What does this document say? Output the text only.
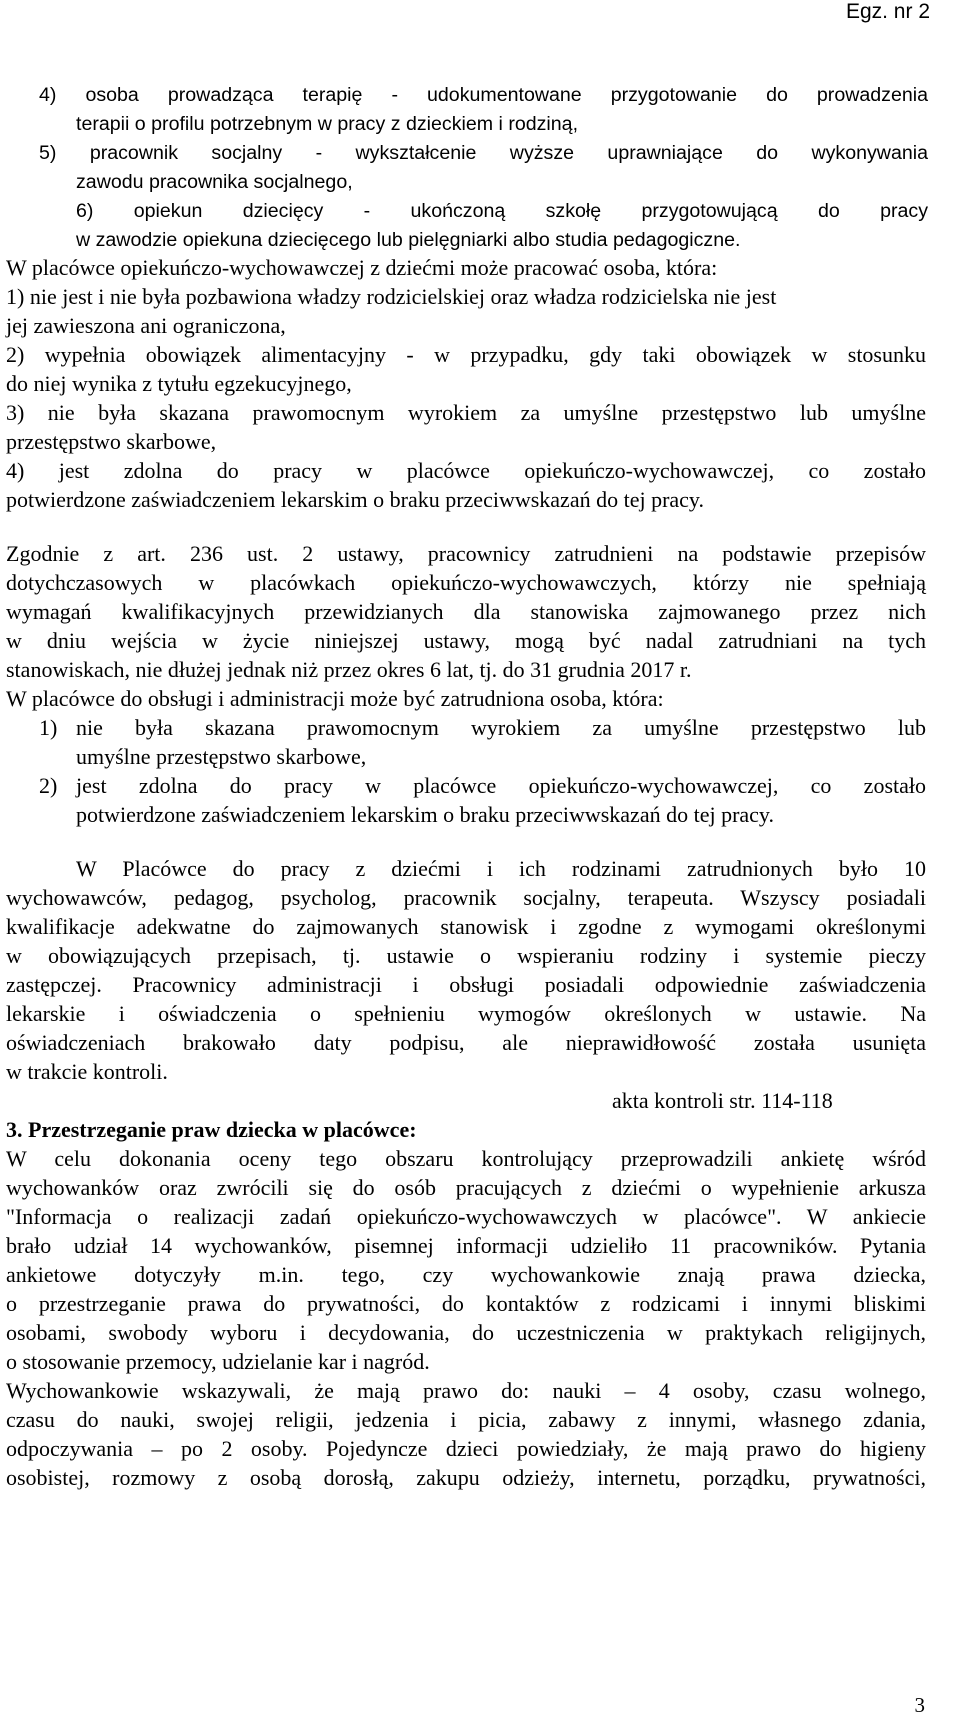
Egz. nr 2
4) osoba prowadząca terapię - udokumentowane przygotowanie do prowadzenia
terapii o profilu potrzebnym w pracy z dzieckiem i rodziną,
5) pracownik socjalny - wykształcenie wyższe uprawniające do wykonywania
zawodu pracownika socjalnego,
6) opiekun dziecięcy - ukończoną szkołę przygotowującą do pracy
w zawodzie opiekuna dziecięcego lub pielęgniarki albo studia pedagogiczne.
W placówce opiekuńczo-wychowawczej z dziećmi może pracować osoba, która:
1) nie jest i nie była pozbawiona władzy rodzicielskiej oraz władza rodzicielska nie jest
jej zawieszona ani ograniczona,
2) wypełnia obowiązek alimentacyjny - w przypadku, gdy taki obowiązek w stosunku
do niej wynika z tytułu egzekucyjnego,
3) nie była skazana prawomocnym wyrokiem za umyślne przestępstwo lub umyślne
przestępstwo skarbowe,
4) jest zdolna do pracy w placówce opiekuńczo-wychowawczej, co zostało
potwierdzone zaświadczeniem lekarskim o braku przeciwwskazań do tej pracy.
Zgodnie z art. 236 ust. 2 ustawy, pracownicy zatrudnieni na podstawie przepisów
dotychczasowych w placówkach opiekuńczo-wychowawczych, którzy nie spełniają
wymagań kwalifikacyjnych przewidzianych dla stanowiska zajmowanego przez nich
w dniu wejścia w życie niniejszej ustawy, mogą być nadal zatrudniani na tych
stanowiskach, nie dłużej jednak niż przez okres 6 lat, tj. do 31 grudnia 2017 r.
W placówce do obsługi i administracji może być zatrudniona osoba, która:
1) nie była skazana prawomocnym wyrokiem za umyślne przestępstwo lub
umyślne przestępstwo skarbowe,
2) jest zdolna do pracy w placówce opiekuńczo-wychowawczej, co zostało
potwierdzone zaświadczeniem lekarskim o braku przeciwwskazań do tej pracy.
W Placówce do pracy z dziećmi i ich rodzinami zatrudnionych było 10
wychowawców, pedagog, psycholog, pracownik socjalny, terapeuta. Wszyscy posiadali
kwalifikacje adekwatne do zajmowanych stanowisk i zgodne z wymogami określonymi
w obowiązujących przepisach, tj. ustawie o wspieraniu rodziny i systemie pieczy
zastępczej. Pracownicy administracji i obsługi posiadali odpowiednie zaświadczenia
lekarskie i oświadczenia o spełnieniu wymogów określonych w ustawie. Na
oświadczeniach brakowało daty podpisu, ale nieprawidłowość została usunięta
w trakcie kontroli.
akta kontroli str. 114-118
3. Przestrzeganie praw dziecka w placówce:
W celu dokonania oceny tego obszaru kontrolujący przeprowadzili ankietę wśród
wychowanków oraz zwrócili się do osób pracujących z dziećmi o wypełnienie arkusza
"Informacja o realizacji zadań opiekuńczo-wychowawczych w placówce". W ankiecie
brało udział 14 wychowanków, pisemnej informacji udzieliło 11 pracowników. Pytania
ankietowe dotyczyły m.in. tego, czy wychowankowie znają prawa dziecka,
o przestrzeganie prawa do prywatności, do kontaktów z rodzicami i innymi bliskimi
osobami, swobody wyboru i decydowania, do uczestniczenia w praktykach religijnych,
o stosowanie przemocy, udzielanie kar i nagród.
Wychowankowie wskazywali, że mają prawo do: nauki – 4 osoby, czasu wolnego,
czasu do nauki, swojej religii, jedzenia i picia, zabawy z innymi, własnego zdania,
odpoczywania – po 2 osoby. Pojedyncze dzieci powiedziały, że mają prawo do higieny
osobistej, rozmowy z osobą dorosłą, zakupu odzieży, internetu, porządku, prywatności,
3
